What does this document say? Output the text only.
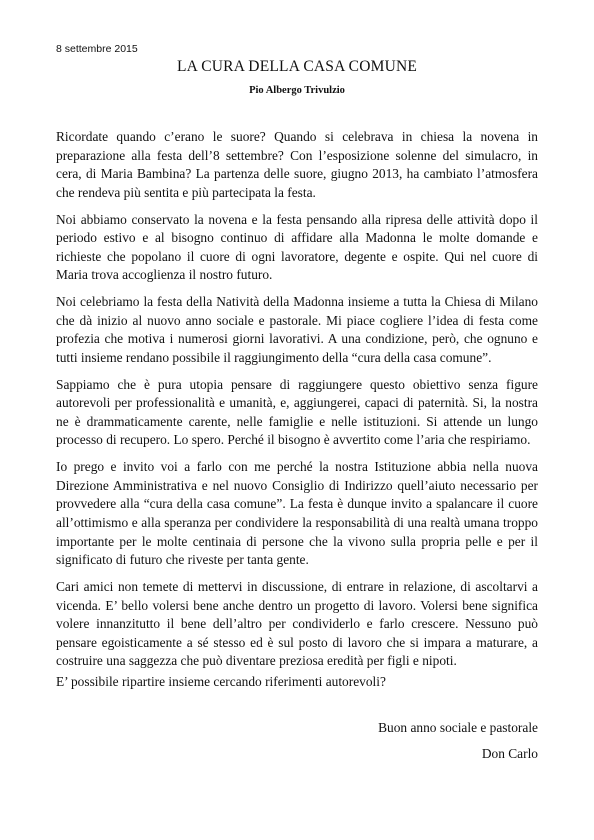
8 settembre 2015
LA CURA DELLA CASA COMUNE
Pio Albergo Trivulzio

Ricordate quando c’erano le suore? Quando si celebrava in chiesa la novena in preparazione alla festa dell’8 settembre? Con l’esposizione solenne del simulacro, in cera, di Maria Bambina? La partenza delle suore, giugno 2013, ha cambiato l’atmosfera che rendeva più sentita e più partecipata la festa.

Noi abbiamo conservato la novena e la festa pensando alla ripresa delle attività dopo il periodo estivo e al bisogno continuo di affidare alla Madonna le molte domande e richieste che popolano il cuore di ogni lavoratore, degente e ospite. Qui nel cuore di Maria trova accoglienza il nostro futuro.

Noi celebriamo la festa della Natività della Madonna insieme a tutta la Chiesa di Milano che dà inizio al nuovo anno sociale e pastorale. Mi piace cogliere l’idea di festa come profezia che motiva i numerosi giorni lavorativi. A una condizione, però, che ognuno e tutti insieme rendano possibile il raggiungimento della “cura della casa comune”.

Sappiamo che è pura utopia pensare di raggiungere questo obiettivo senza figure autorevoli per professionalità e umanità, e, aggiungerei, capaci di paternità. Si, la nostra ne è drammaticamente carente, nelle famiglie e nelle istituzioni. Si attende un lungo processo di recupero. Lo spero. Perché il bisogno è avvertito come l’aria che respiriamo.

Io prego e invito voi a farlo con me perché la nostra Istituzione abbia nella nuova Direzione Amministrativa e nel nuovo Consiglio di Indirizzo quell’aiuto necessario per provvedere alla “cura della casa comune”. La festa è dunque invito a spalancare il cuore all’ottimismo e alla speranza per condividere la responsabilità di una realtà umana troppo importante per le molte centinaia di persone che la vivono sulla propria pelle e per il significato di futuro che riveste per tanta gente.

Cari amici non temete di mettervi in discussione, di entrare in relazione, di ascoltarvi a vicenda. E’ bello volersi bene anche dentro un progetto di lavoro. Volersi bene significa volere innanzitutto il bene dell’altro per condividerlo e farlo crescere. Nessuno può pensare egoisticamente a sé stesso ed è sul posto di lavoro che si impara a maturare, a costruire una saggezza che può diventare preziosa eredità per figli e nipoti.

E’ possibile ripartire insieme cercando riferimenti autorevoli?

Buon anno sociale e pastorale
Don Carlo
